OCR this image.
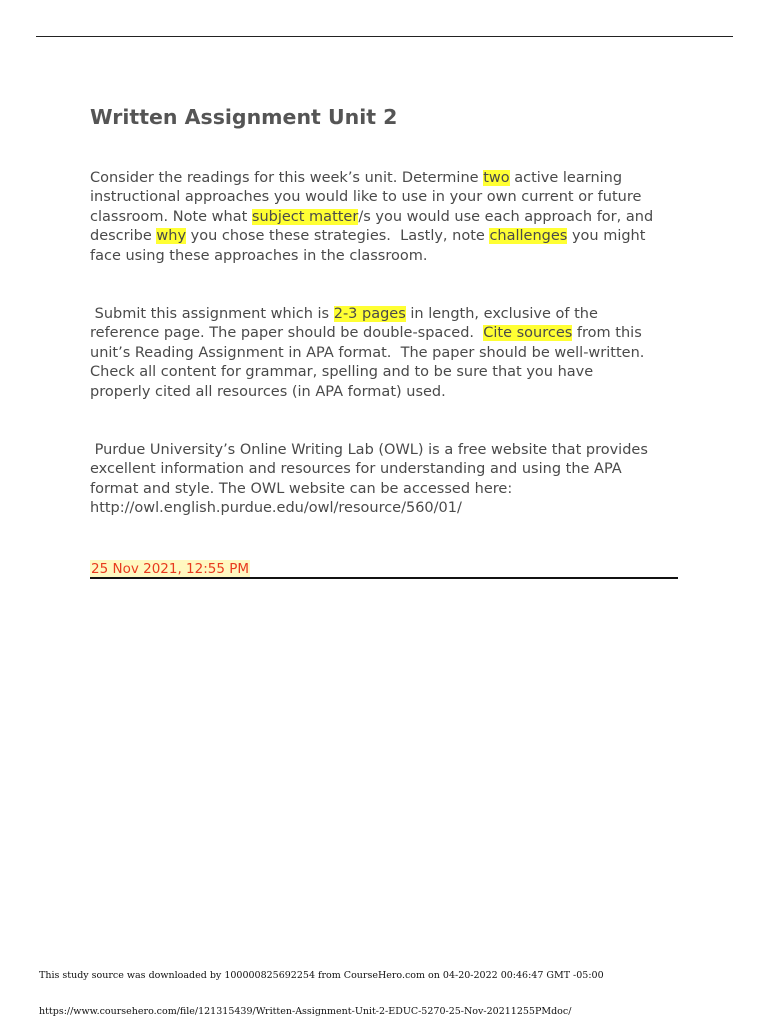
Written Assignment Unit 2

Consider the readings for this week’s unit. Determine two active learning
instructional approaches you would like to use in your own current or future
classroom. Note what subject matter/s you would use each approach for, and
describe why you chose these strategies.  Lastly, note challenges you might
face using these approaches in the classroom.

Submit this assignment which is 2-3 pages in length, exclusive of the
reference page. The paper should be double-spaced.  Cite sources from this
unit’s Reading Assignment in APA format.  The paper should be well-written.
Check all content for grammar, spelling and to be sure that you have
properly cited all resources (in APA format) used.

Purdue University’s Online Writing Lab (OWL) is a free website that provides
excellent information and resources for understanding and using the APA
format and style. The OWL website can be accessed here:
http://owl.english.purdue.edu/owl/resource/560/01/

25 Nov 2021, 12:55 PM
This study source was downloaded by 100000825692254 from CourseHero.com on 04-20-2022 00:46:47 GMT -05:00
https://www.coursehero.com/file/121315439/Written-Assignment-Unit-2-EDUC-5270-25-Nov-20211255PMdoc/
